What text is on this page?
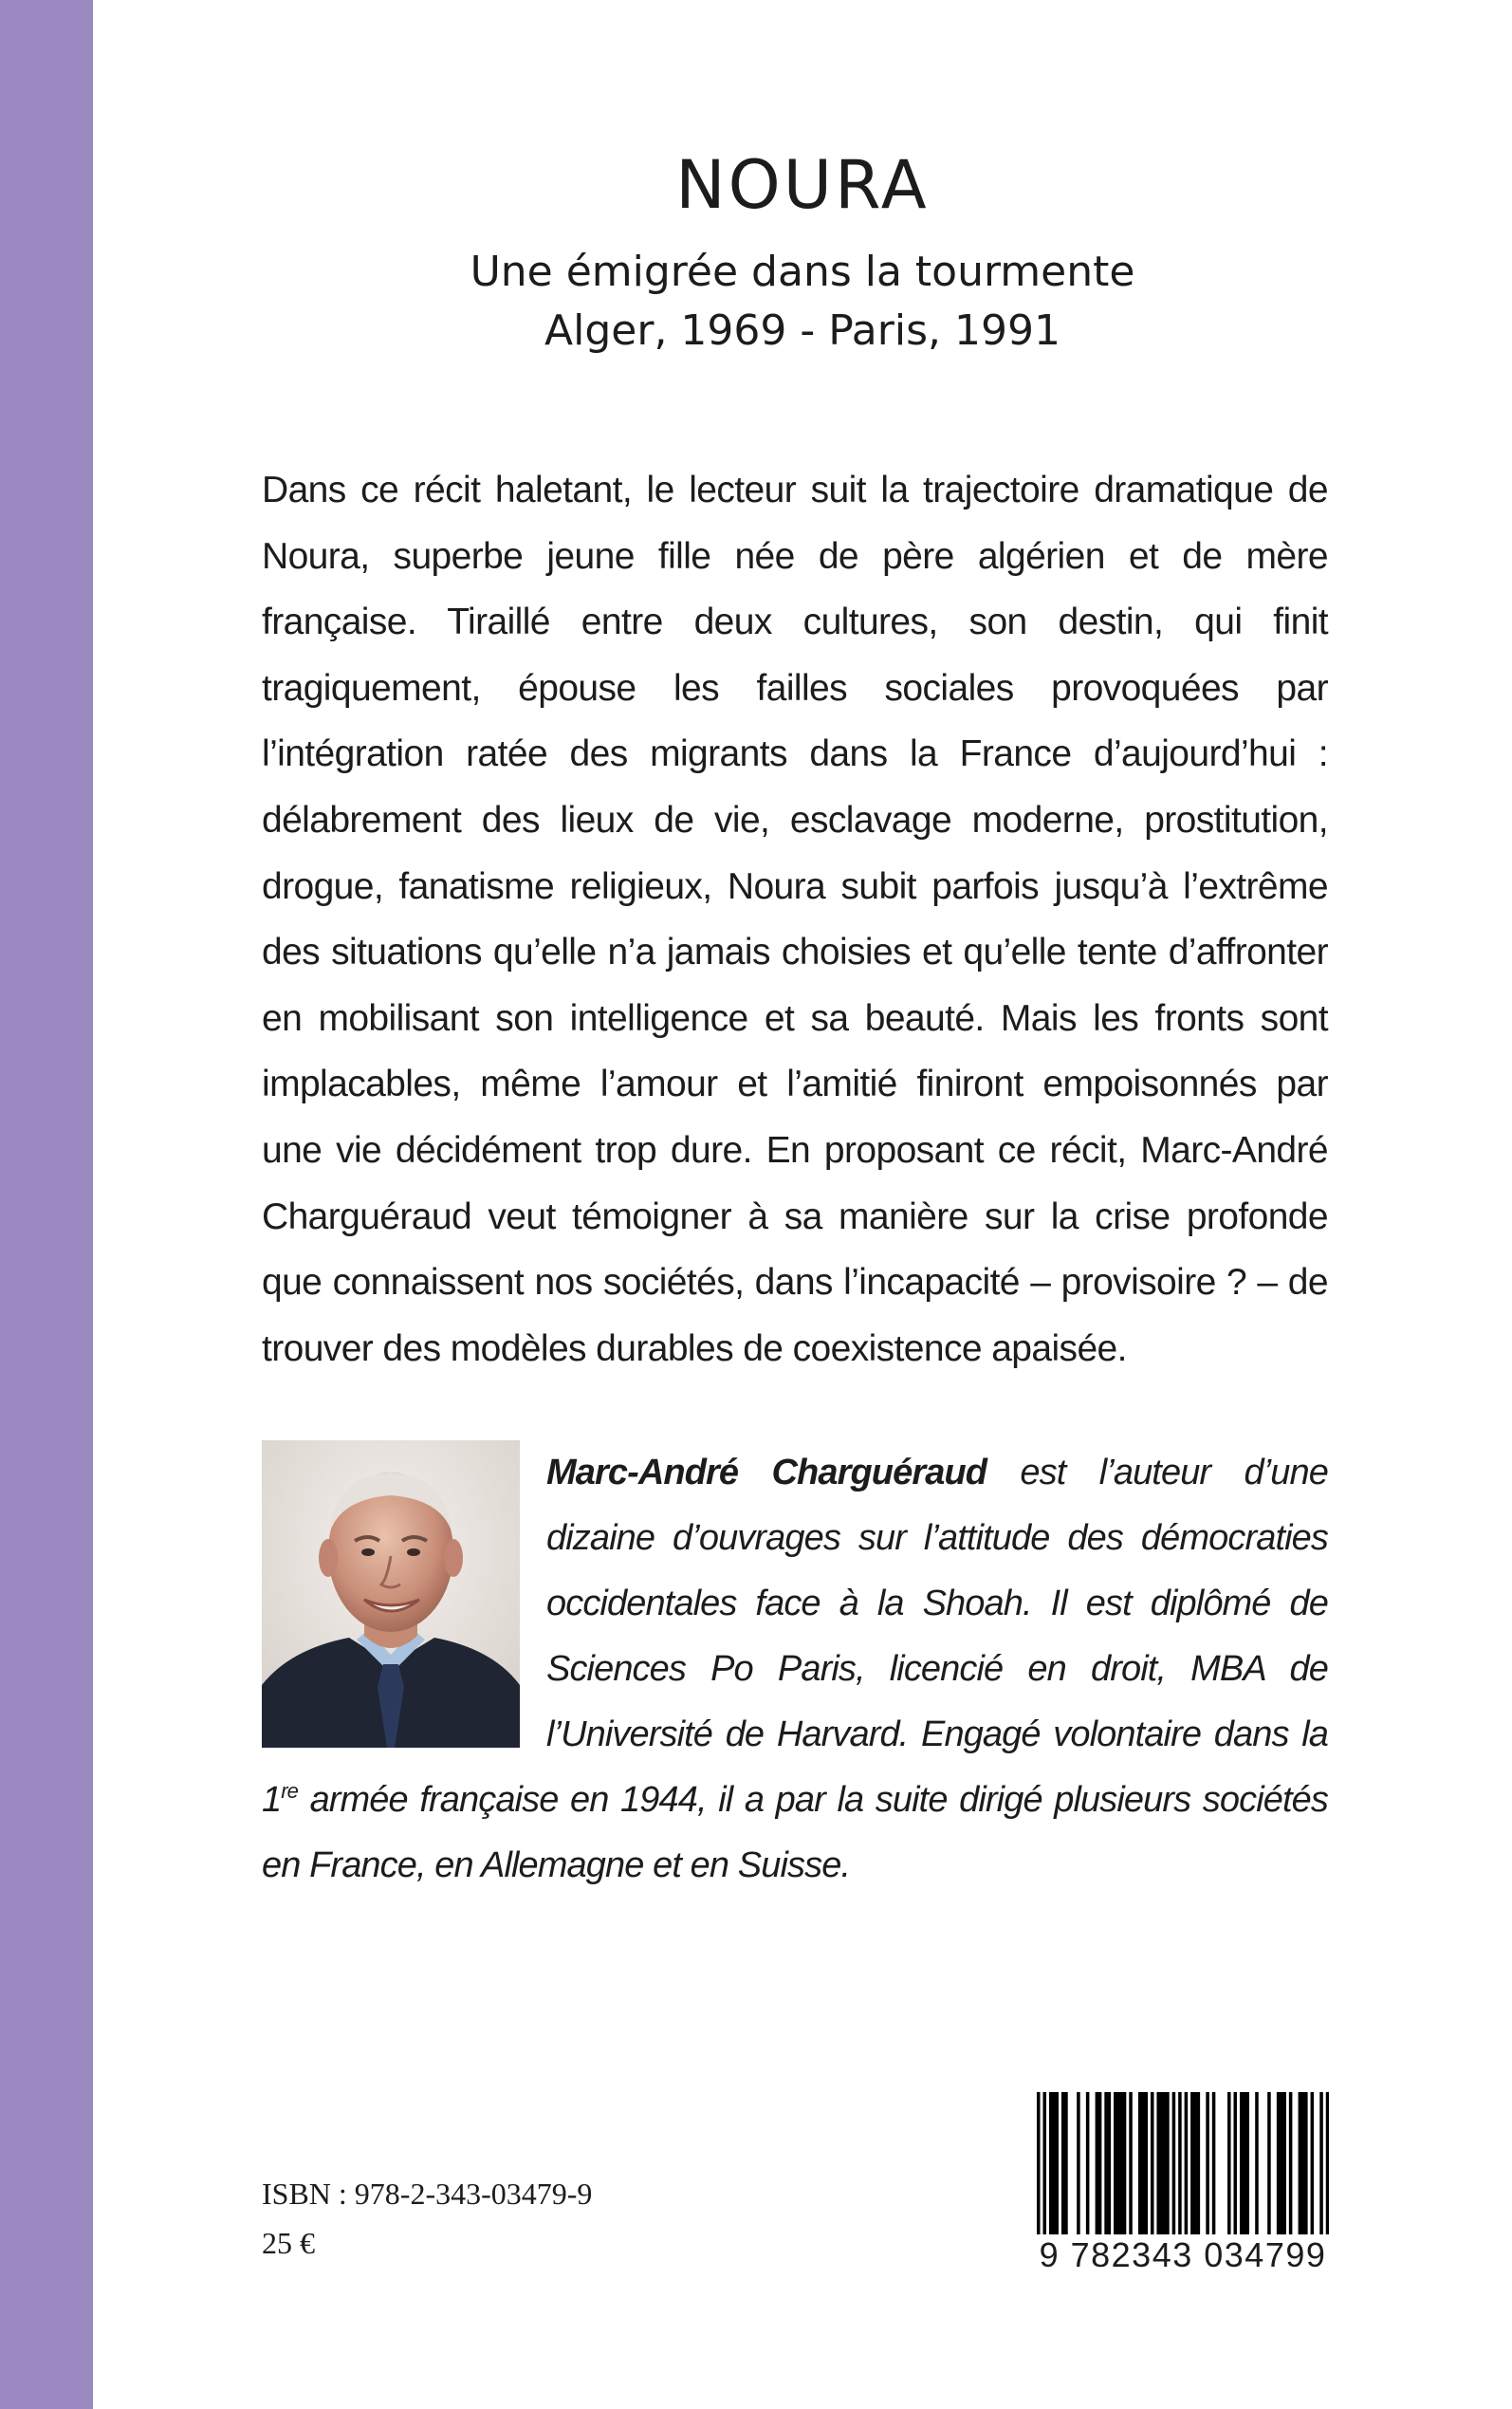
NOURA

Une émigrée dans la tourmente
Alger, 1969 - Paris, 1991

Dans ce récit haletant, le lecteur suit la trajectoire dramatique de Noura, superbe jeune fille née de père algérien et de mère française. Tiraillé entre deux cultures, son destin, qui finit tragiquement, épouse les failles sociales provoquées par l’intégration ratée des migrants dans la France d’aujourd’hui : délabrement des lieux de vie, esclavage moderne, prostitution, drogue, fanatisme religieux, Noura subit parfois jusqu’à l’extrême des situations qu’elle n’a jamais choisies et qu’elle tente d’affronter en mobilisant son intelligence et sa beauté. Mais les fronts sont implacables, même l’amour et l’amitié finiront empoisonnés par une vie décidément trop dure. En proposant ce récit, Marc-André Charguéraud veut témoigner à sa manière sur la crise profonde que connaissent nos sociétés, dans l’incapacité – provisoire ? – de trouver des modèles durables de coexistence apaisée.

Marc-André Charguéraud est l’auteur d’une dizaine d’ouvrages sur l’attitude des démocraties occidentales face à la Shoah. Il est diplômé de Sciences Po Paris, licencié en droit, MBA de l’Université de Harvard. Engagé volontaire dans la 1re armée française en 1944, il a par la suite dirigé plusieurs sociétés en France, en Allemagne et en Suisse.

ISBN : 978-2-343-03479-9

25 €	9 782343 034799
